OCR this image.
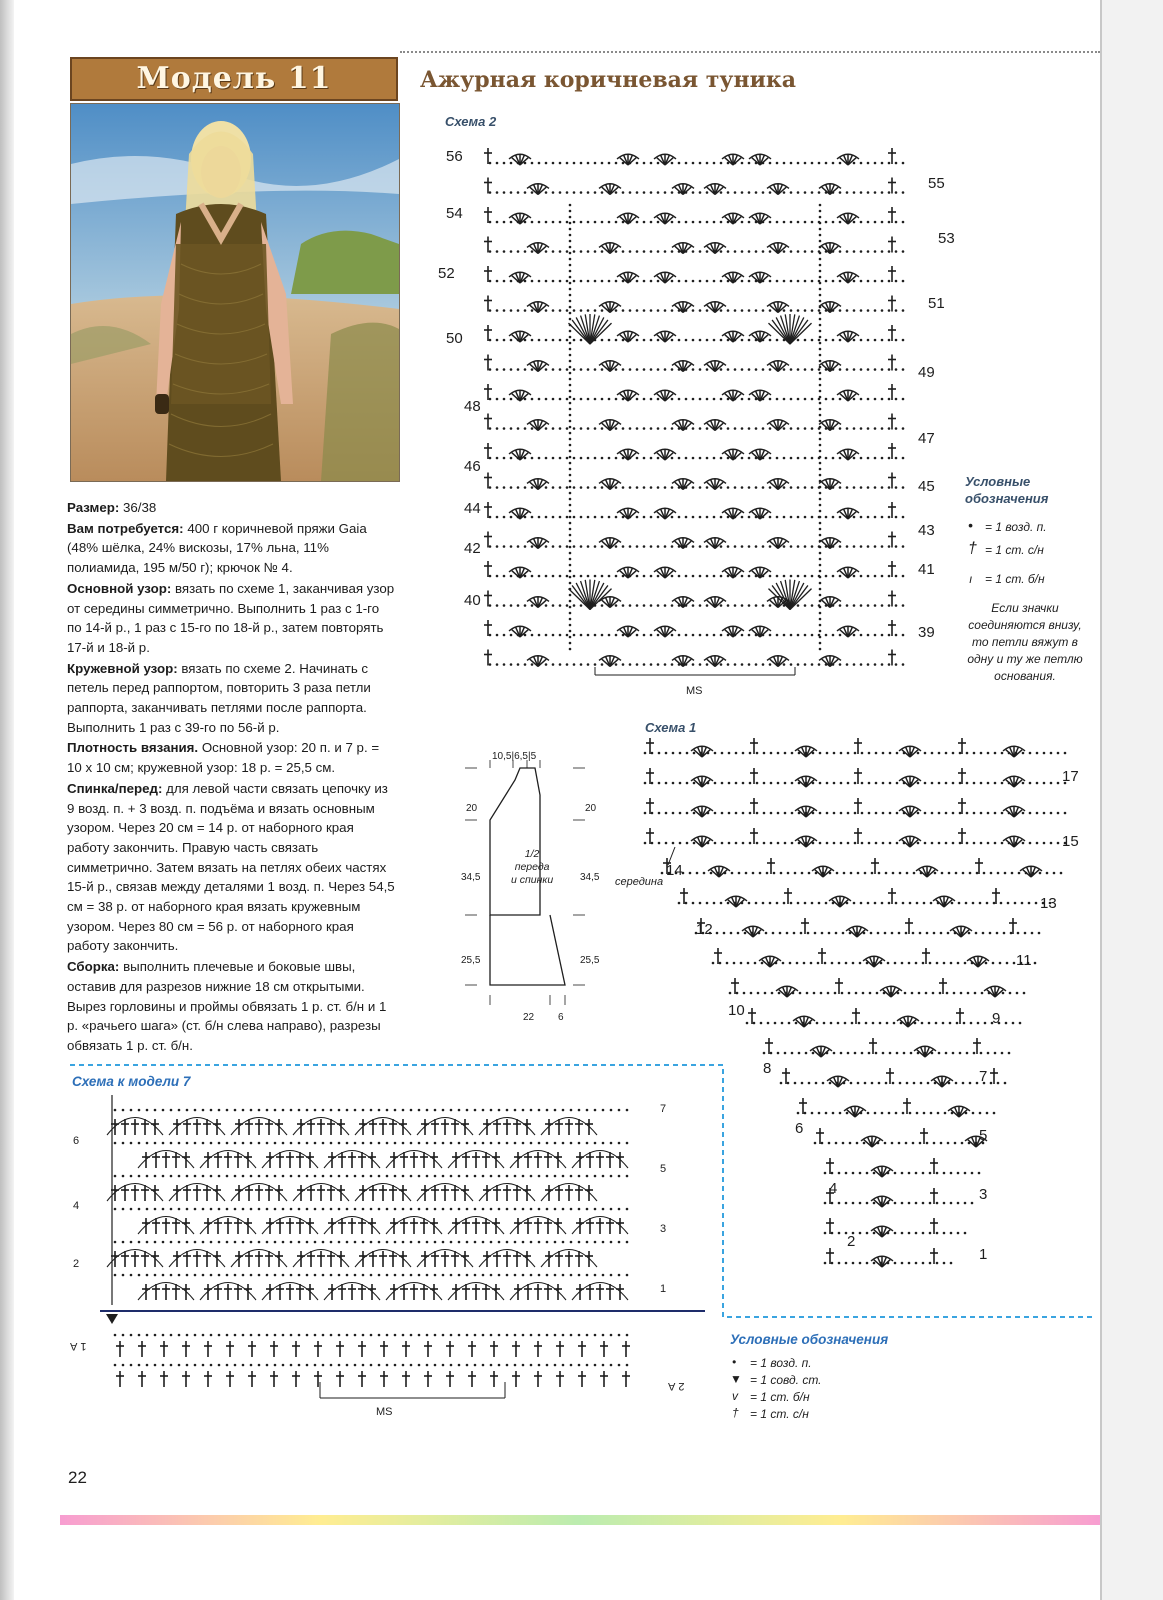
Модель 11	Ажурная коричневая туника

Размер: 36/38

Вам потребуется: 400 г коричневой пряжи Gaia (48% шёлка, 24% вискозы, 17% льна, 11% полиамида, 195 м/50 г); крючок № 4.

Основной узор: вязать по схеме 1, заканчивая узор от середины симметрично. Выполнить 1 раз с 1-го по 14-й р., 1 раз с 15-го по 18-й р., затем повторять 17-й и 18-й р.

Кружевной узор: вязать по схеме 2. Начинать с петель перед раппортом, повторить 3 раза петли раппорта, заканчивать петлями после раппорта. Выполнить 1 раз с 39-го по 56-й р.

Плотность вязания. Основной узор: 20 п. и 7 р. = 10 x 10 см; кружевной узор: 18 р. = 25,5 см.

Спинка/перед: для левой части связать цепочку из 9 возд. п. + 3 возд. п. подъёма и вязать основным узором. Через 20 см = 14 р. от наборного края работу закончить. Правую часть связать симметрично. Затем вязать на петлях обеих частях 15-й р., связав между деталями 1 возд. п. Через 54,5 см = 38 р. от наборного края вязать кружевным узором. Через 80 см = 56 р. от наборного края работу закончить.

Сборка: выполнить плечевые и боковые швы, оставив для разрезов нижние 18 см открытыми. Вырез горловины и проймы обвязать 1 р. ст. б/н и 1 р. «рачьего шага» (ст. б/н слева направо), разрезы обвязать 1 р. ст. б/н.

Схема 2
MS
56
54
52
50
48
46
44
42
40
55
53
51
49
47
45
43
41
39
Условные обозначения
• = 1 возд. п.
† = 1 ст. с/н
ı = 1 ст. б/н
Если значки соединяются внизу, то петли вяжут в одну и ту же петлю основания.
10,5|6,5|5
20	20
34,5	34,5
25,5	25,5
22 6
1/2
переда
и спинки
Схема 1
середина
17
15
13
11
9
7
5
3
1
14
12
10
8
6
4
2
Схема к модели 7
MS
6
4
2
7
5
3
1
1 А
2 А
Условные обозначения
• = 1 возд. п.
▼ = 1 совд. ст.
v = 1 ст. б/н
† = 1 ст. с/н
22
